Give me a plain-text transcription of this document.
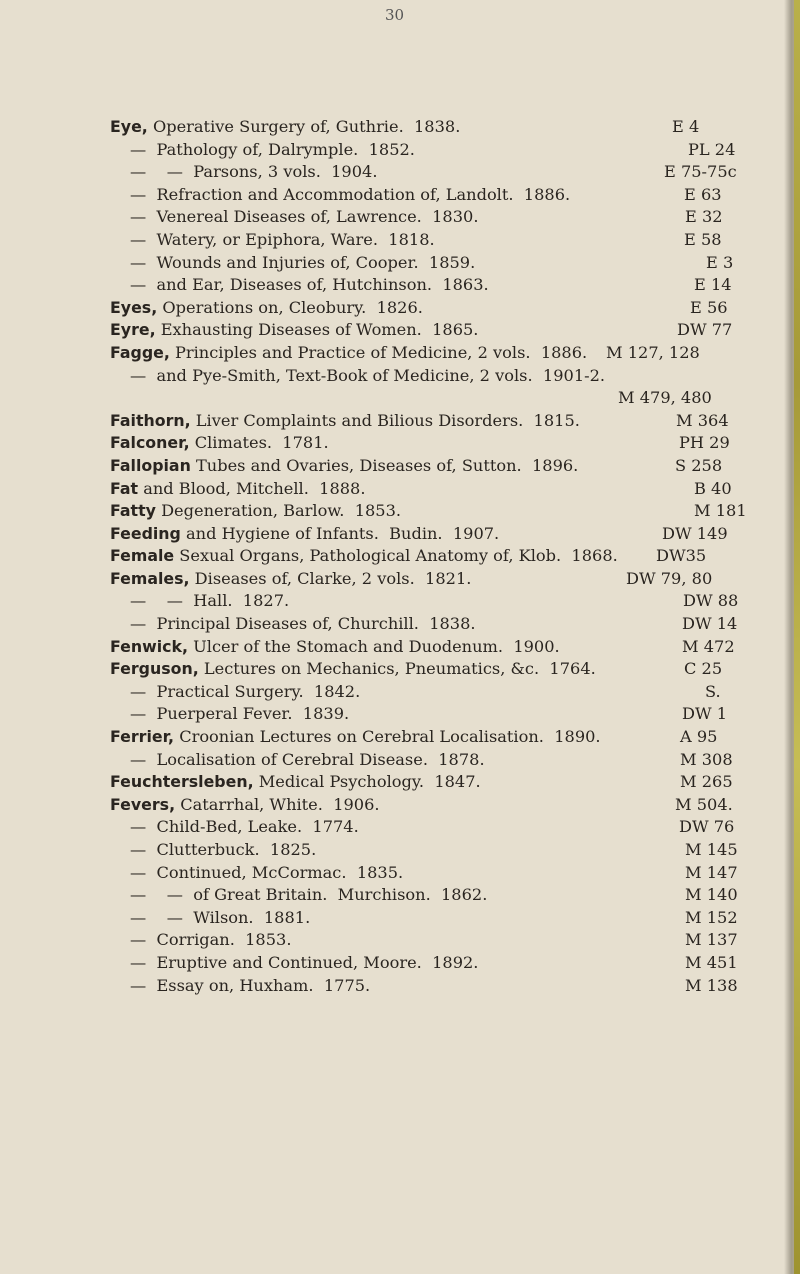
30
Eye, Operative Surgery of, Guthrie.  1838.	E 4
—  Pathology of, Dalrymple.  1852.	PL 24
—    —  Parsons, 3 vols.  1904.	E 75-75c
—  Refraction and Accommodation of, Landolt.  1886.	E 63
—  Venereal Diseases of, Lawrence.  1830.	E 32
—  Watery, or Epiphora, Ware.  1818.	E 58
—  Wounds and Injuries of, Cooper.  1859.	E 3
—  and Ear, Diseases of, Hutchinson.  1863.	E 14
Eyes, Operations on, Cleobury.  1826.	E 56
Eyre, Exhausting Diseases of Women.  1865.	DW 77
Fagge, Principles and Practice of Medicine, 2 vols.  1886. M 127, 128
—  and Pye-Smith, Text-Book of Medicine, 2 vols.  1901-2.
M 479, 480
Faithorn, Liver Complaints and Bilious Disorders.  1815.	M 364
Falconer, Climates.  1781.	PH 29
Fallopian Tubes and Ovaries, Diseases of, Sutton.  1896.	S 258
Fat and Blood, Mitchell.  1888.	B 40
Fatty Degeneration, Barlow.  1853.	M 181
Feeding and Hygiene of Infants.  Budin.  1907.	DW 149
Female Sexual Organs, Pathological Anatomy of, Klob.  1868. DW35
Females, Diseases of, Clarke, 2 vols.  1821.	DW 79, 80
—    —  Hall.  1827.	DW 88
—  Principal Diseases of, Churchill.  1838.	DW 14
Fenwick, Ulcer of the Stomach and Duodenum.  1900.	M 472
Ferguson, Lectures on Mechanics, Pneumatics, &c.  1764.	C 25
—  Practical Surgery.  1842.	S.
—  Puerperal Fever.  1839.	DW 1
Ferrier, Croonian Lectures on Cerebral Localisation.  1890.	A 95
—  Localisation of Cerebral Disease.  1878.	M 308
Feuchtersleben, Medical Psychology.  1847.	M 265
Fevers, Catarrhal, White.  1906.	M 504.
—  Child-Bed, Leake.  1774.	DW 76
—  Clutterbuck.  1825.	M 145
—  Continued, McCormac.  1835.	M 147
—    —  of Great Britain.  Murchison.  1862.	M 140
—    —  Wilson.  1881.	M 152
—  Corrigan.  1853.	M 137
—  Eruptive and Continued, Moore.  1892.	M 451
—  Essay on, Huxham.  1775.	M 138
